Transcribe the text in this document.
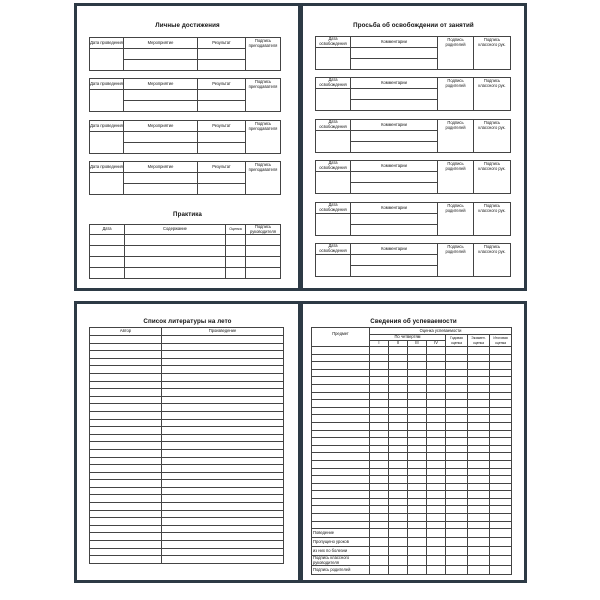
Личные достижения
Дата проведения	Мероприятие	Результат	Подпись преподавателя

Дата проведения	Мероприятие	Результат	Подпись преподавателя

Дата проведения	Мероприятие	Результат	Подпись преподавателя

Дата проведения	Мероприятие	Результат	Подпись преподавателя

Практика
Дата	Содержание	Оценка	Подпись руководителя

Просьба об освобождении от занятий
Дата освобождения	Комментарии	Подпись родителей	Подпись классного рук.

Дата освобождения	Комментарии	Подпись родителей	Подпись классного рук.

Дата освобождения	Комментарии	Подпись родителей	Подпись классного рук.

Дата освобождения	Комментарии	Подпись родителей	Подпись классного рук.

Дата освобождения	Комментарии	Подпись родителей	Подпись классного рук.

Дата освобождения	Комментарии	Подпись родителей	Подпись классного рук.

Список литературы на лето
Автор	Произведение

Сведения об успеваемости
Предмет	Оценка успеваемости						
	По четвертям				Годовая оценка	Экзамен. оценка	Итоговая оценка
	I	II	III	IV			

Поведение							
Пропущено уроков							
из них по болезни							
Подпись классного руководителя							
Подпись родителей							
